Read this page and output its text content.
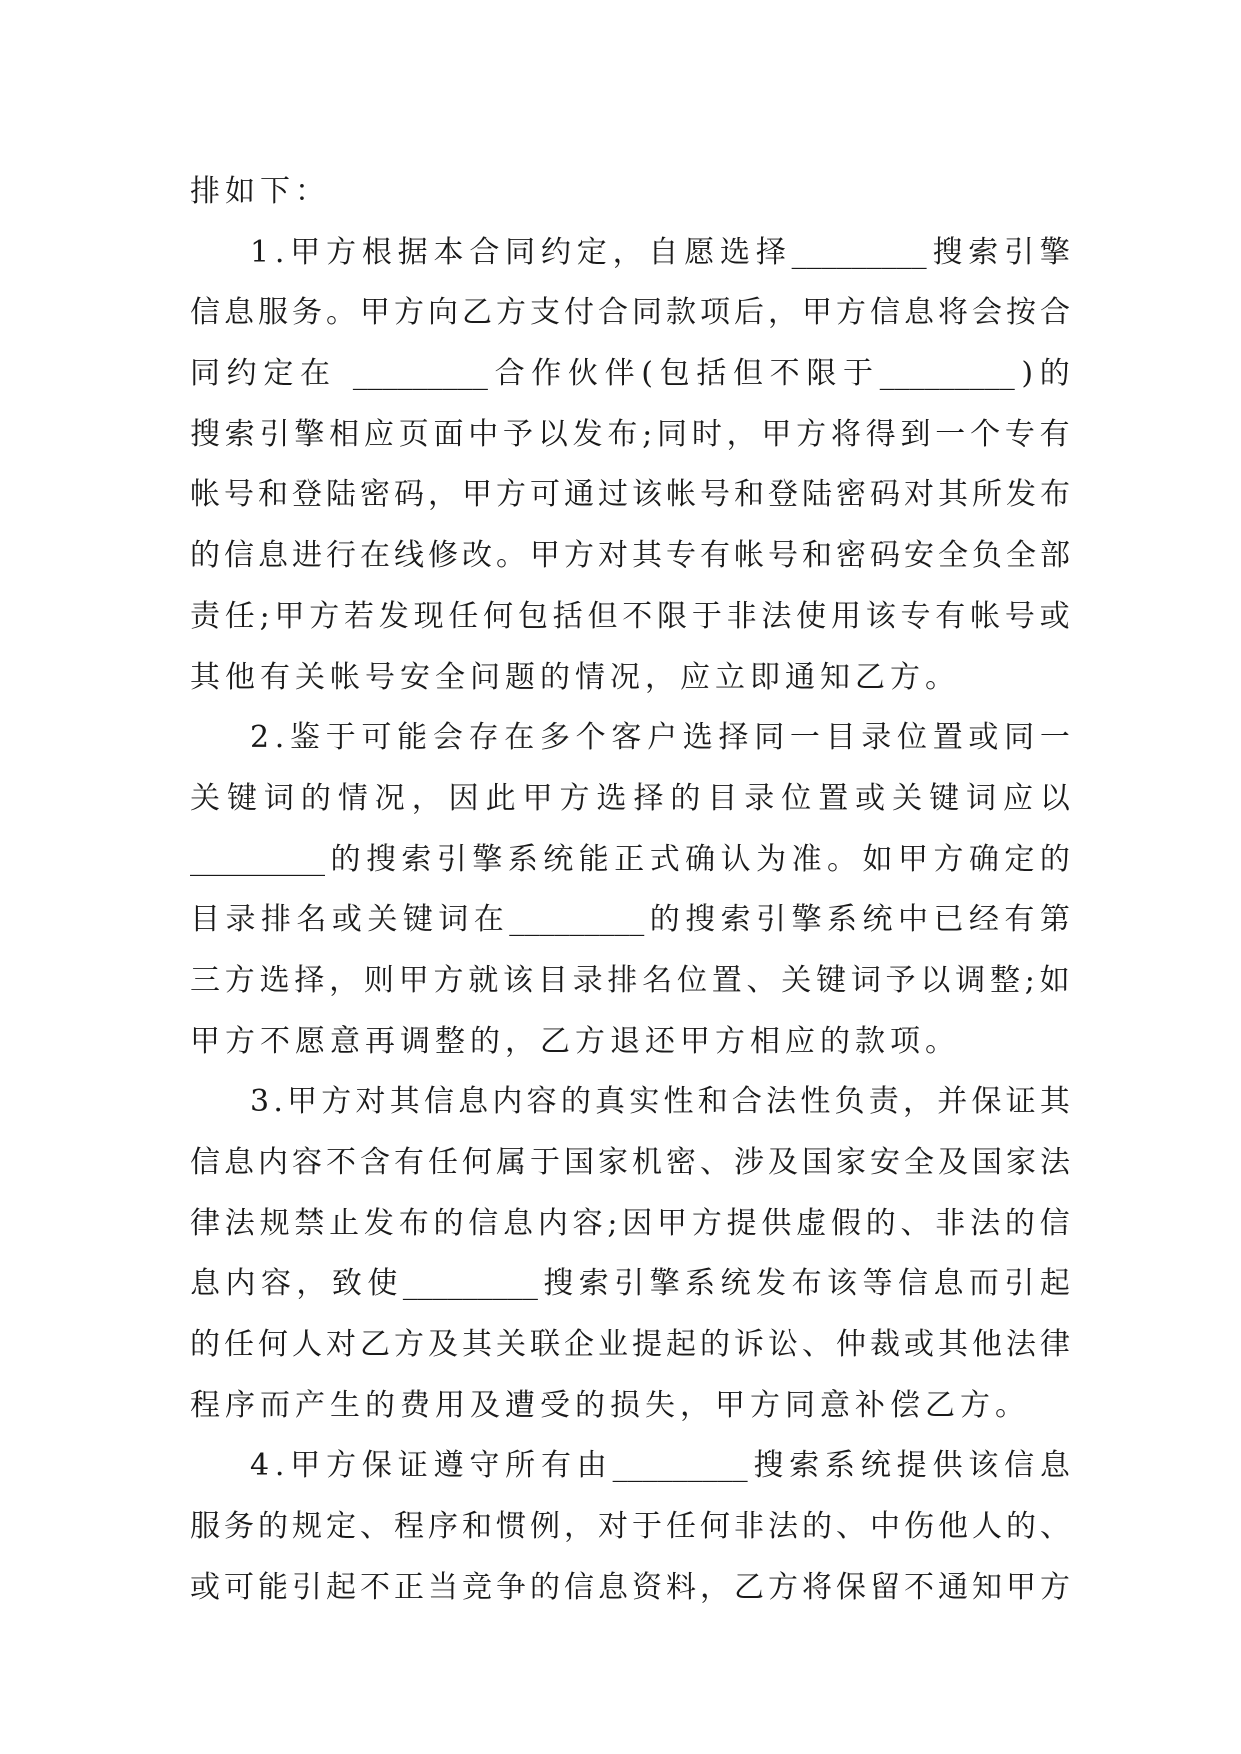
排如下：
1 . 甲 方 根 据 本 合 同 约 定 ， 自 愿 选 择 _________ 搜 索 引 擎
信 息 服 务 。 甲 方 向 乙 方 支 付 合 同 款 项 后 ， 甲 方 信 息 将 会 按 合
同 约 定 在
_________ 合 作 伙 伴 ( 包 括 但 不 限 于 _________ ) 的
搜 索 引 擎 相 应 页 面 中 予 以 发 布 ; 同 时 ， 甲 方 将 得 到 一 个 专 有
帐 号 和 登 陆 密 码 ， 甲 方 可 通 过 该 帐 号 和 登 陆 密 码 对 其 所 发 布
的 信 息 进 行 在 线 修 改 。 甲 方 对 其 专 有 帐 号 和 密 码 安 全 负 全 部
责 任 ; 甲 方 若 发 现 任 何 包 括 但 不 限 于 非 法 使 用 该 专 有 帐 号 或
其他有关帐号安全问题的情况，应立即通知乙方。
2 . 鉴 于 可 能 会 存 在 多 个 客 户 选 择 同 一 目 录 位 置 或 同 一
关 键 词 的 情 况 ， 因 此 甲 方 选 择 的 目 录 位 置 或 关 键 词 应 以
_________ 的 搜 索 引 擎 系 统 能 正 式 确 认 为 准 。 如 甲 方 确 定 的
目 录 排 名 或 关 键 词 在 _________ 的 搜 索 引 擎 系 统 中 已 经 有 第
三 方 选 择 ， 则 甲 方 就 该 目 录 排 名 位 置 、 关 键 词 予 以 调 整 ; 如
甲方不愿意再调整的，乙方退还甲方相应的款项。
3 . 甲 方 对 其 信 息 内 容 的 真 实 性 和 合 法 性 负 责 ， 并 保 证 其
信 息 内 容 不 含 有 任 何 属 于 国 家 机 密 、 涉 及 国 家 安 全 及 国 家 法
律 法 规 禁 止 发 布 的 信 息 内 容 ; 因 甲 方 提 供 虚 假 的 、 非 法 的 信
息 内 容 ， 致 使 _________ 搜 索 引 擎 系 统 发 布 该 等 信 息 而 引 起
的 任 何 人 对 乙 方 及 其 关 联 企 业 提 起 的 诉 讼 、 仲 裁 或 其 他 法 律
程序而产生的费用及遭受的损失，甲方同意补偿乙方。
4 . 甲 方 保 证 遵 守 所 有 由 _________ 搜 索 系 统 提 供 该 信 息
服 务 的 规 定 、 程 序 和 惯 例 ， 对 于 任 何 非 法 的 、 中 伤 他 人 的 、
或 可 能 引 起 不 正 当 竞 争 的 信 息 资 料 ， 乙 方 将 保 留 不 通 知 甲 方
